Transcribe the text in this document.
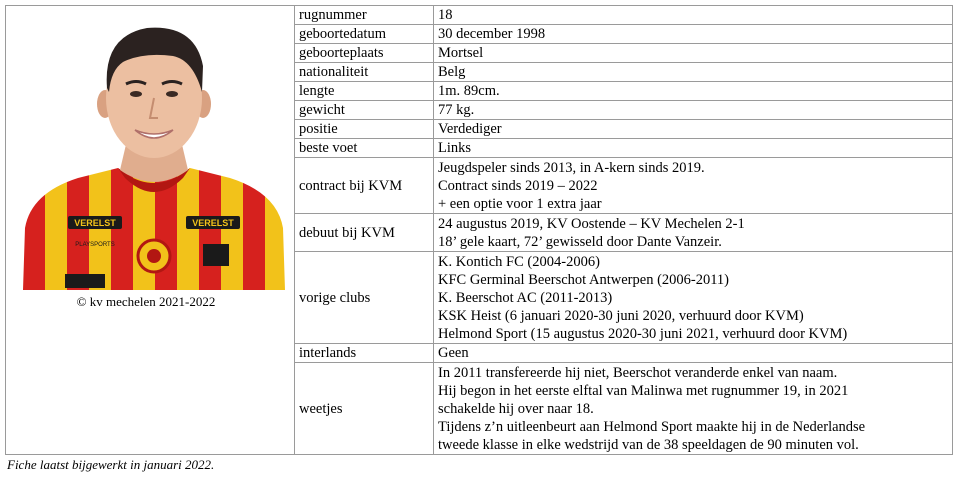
VERELST VERELST
PLAYSPORTS
© kv mechelen 2021-2022	rugnummer	18

	geboortedatum	30 december 1998

	geboorteplaats	Mortsel

	nationaliteit	Belg

	lengte	1m. 89cm.

	gewicht	77 kg.

	positie	Verdediger

	beste voet	Links

	contract bij KVM	Jeugdspeler sinds 2013, in A-kern sinds 2019.
Contract sinds 2019 – 2022
+ een optie voor 1 extra jaar

	debuut bij KVM	24 augustus 2019, KV Oostende – KV Mechelen 2-1
18’ gele kaart, 72’ gewisseld door Dante Vanzeir.

	vorige clubs	K. Kontich FC (2004-2006)
KFC Germinal Beerschot Antwerpen (2006-2011)
K. Beerschot AC (2011-2013)
KSK Heist (6 januari 2020-30 juni 2020, verhuurd door KVM)
Helmond Sport (15 augustus 2020-30 juni 2021, verhuurd door KVM)

	interlands	Geen

	weetjes	In 2011 transfereerde hij niet, Beerschot veranderde enkel van naam.
Hij begon in het eerste elftal van Malinwa met rugnummer 19, in 2021
schakelde hij over naar 18.
Tijdens z’n uitleenbeurt aan Helmond Sport maakte hij in de Nederlandse
tweede klasse in elke wedstrijd van de 38 speeldagen de 90 minuten vol.
Fiche laatst bijgewerkt in januari 2022.
